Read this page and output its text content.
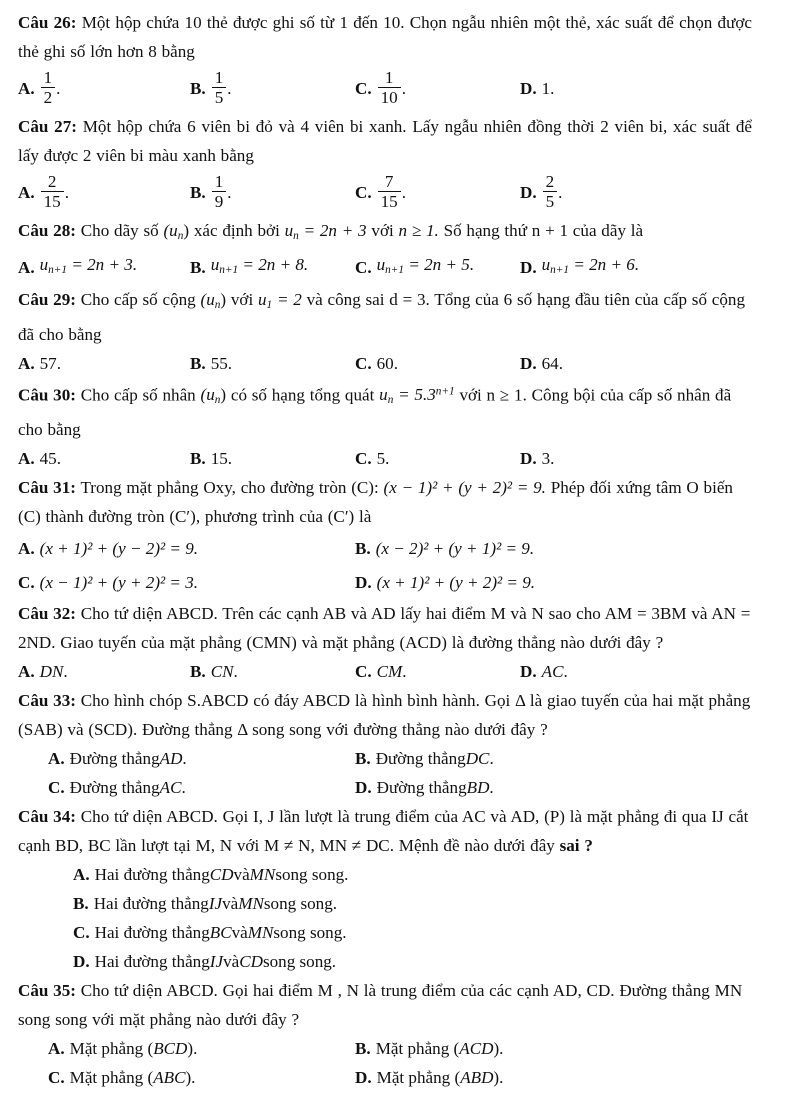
Câu 26: Một hộp chứa 10 thẻ được ghi số từ 1 đến 10. Chọn ngẫu nhiên một thẻ, xác suất để chọn được thẻ ghi số lớn hơn 8 bằng
A. $\frac{1}{2}$ .	B. $\frac{1}{5}$ .	C. $\frac{1}{10}$ .	D. 1.
Câu 27: Một hộp chứa 6 viên bi đỏ và 4 viên bi xanh. Lấy ngẫu nhiên đồng thời 2 viên bi, xác suất để lấy được 2 viên bi màu xanh bằng
A. $\frac{2}{15}$ .	B. $\frac{1}{9}$ .	C. $\frac{7}{15}$ .	D. $\frac{2}{5}$ .
Câu 28: Cho dãy số $(u_n)$ xác định bởi $u_n = 2n + 3$ với n ≥ 1. Số hạng thứ n + 1 của dãy là
A. $u_{n+1} = 2n + 3$.	B. $u_{n+1} = 2n + 8$.	C. $u_{n+1} = 2n + 5$.	D. $u_{n+1} = 2n + 6$.
Câu 29: Cho cấp số cộng $(u_n)$ với $u_1 = 2$ và công sai d = 3. Tổng của 6 số hạng đầu tiên của cấp số cộng đã cho bằng
A. 57.	B. 55.	C. 60.	D. 64.
Câu 30: Cho cấp số nhân $(u_n)$ có số hạng tổng quát $u_n = 5.3^{n+1}$ với n ≥ 1. Công bội của cấp số nhân đã cho bằng
A. 45.	B. 15.	C. 5.	D. 3.
Câu 31: Trong mặt phẳng Oxy, cho đường tròn (C): (x − 1)² + (y + 2)² = 9. Phép đối xứng tâm O biến (C) thành đường tròn (C′), phương trình của (C′) là
A. (x + 1)² + (y − 2)² = 9.	B. (x − 2)² + (y + 1)² = 9.
C. (x − 1)² + (y + 2)² = 3.	D. (x + 1)² + (y + 2)² = 9.
Câu 32: Cho tứ diện ABCD. Trên các cạnh AB và AD lấy hai điểm M và N sao cho AM = 3BM và AN = 2ND. Giao tuyến của mặt phẳng (CMN) và mặt phẳng (ACD) là đường thẳng nào dưới đây ?
A. DN .	B. CN .	C. CM .	D. AC .
Câu 33: Cho hình chóp S.ABCD có đáy ABCD là hình bình hành. Gọi Δ là giao tuyến của hai mặt phẳng (SAB) và (SCD). Đường thẳng Δ song song với đường thẳng nào dưới đây ?
A. Đường thẳng AD .	B. Đường thẳng DC .
C. Đường thẳng AC .	D. Đường thẳng BD .
Câu 34: Cho tứ diện ABCD. Gọi I, J lần lượt là trung điểm của AC và AD, (P) là mặt phẳng đi qua IJ cắt cạnh BD, BC lần lượt tại M, N với M ≠ N, MN ≠ DC. Mệnh đề nào dưới đây sai ?
A. Hai đường thẳng CD và MN song song.
B. Hai đường thẳng IJ và MN song song.
C. Hai đường thẳng BC và MN song song.
D. Hai đường thẳng IJ và CD song song.
Câu 35: Cho tứ diện ABCD. Gọi hai điểm M , N là trung điểm của các cạnh AD, CD. Đường thẳng MN song song với mặt phẳng nào dưới đây ?
A. Mặt phẳng ( BCD ).	B. Mặt phẳng ( ACD ).
C. Mặt phẳng ( ABC ).	D. Mặt phẳng ( ABD ).
